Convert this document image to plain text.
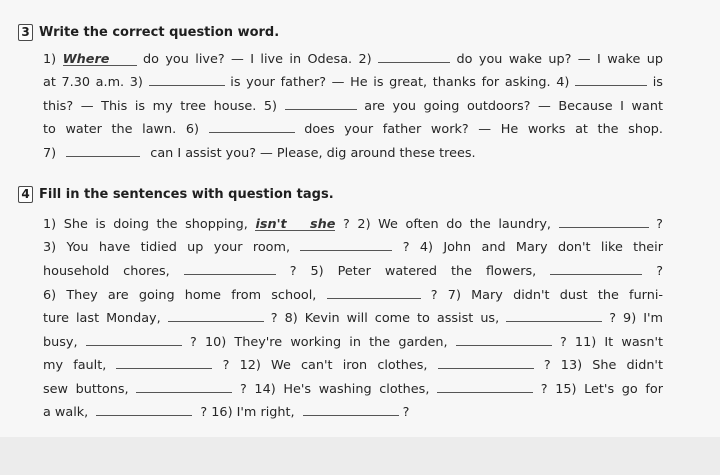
3 Write the correct question word.
1) Where	do you live? — I live in Odesa. 2)	do you wake up? — I wake up
at 7.30 a.m. 3)	is your father? — He is great, thanks for asking. 4)	is
this? — This is my tree house. 5)	are you going outdoors? — Because I want
to water the lawn. 6)	does your father work? — He works at the shop.
7)	can I assist you? — Please, dig around these trees.
4 Fill in the sentences with question tags.
1) She is doing the shopping, isn't she ? 2) We often do the laundry,	?
3) You have tidied up your room,	? 4) John and Mary don't like their
household chores,	? 5) Peter watered the flowers,	?
6) They are going home from school,	? 7) Mary didn't dust the furni-
ture last Monday,	? 8) Kevin will come to assist us,	? 9) I'm
busy,	? 10) They're working in the garden,	? 11) It wasn't
my fault,	? 12) We can't iron clothes,	? 13) She didn't
sew buttons,	? 14) He's washing clothes,	? 15) Let's go for
a walk,	? 16) I'm right,	?
